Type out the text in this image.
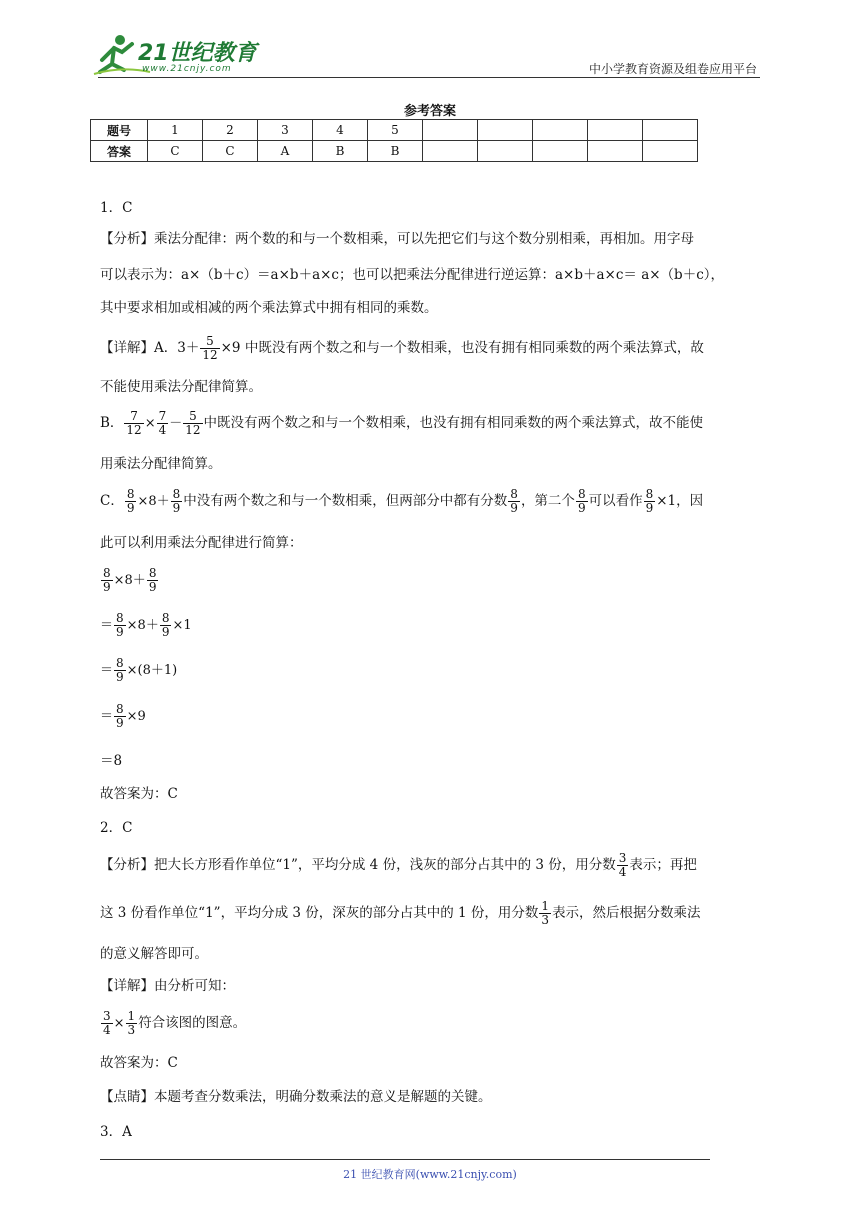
21世纪教育
www.21cnjy.com	中小学教育资源及组卷应用平台
参考答案
题号	1	2	3	4	5					
答案	C	C	A	B	B					
1．C
【分析】乘法分配律：两个数的和与一个数相乘，可以先把它们与这个数分别相乘，再相加。用字母
可以表示为：a×（b＋c）＝a×b＋a×c；也可以把乘法分配律进行逆运算：a×b＋a×c＝ a×（b＋c），
其中要求相加或相减的两个乘法算式中拥有相同的乘数。
【详解】A．$3+ \frac{5}{12} \times 9$ 中既没有两个数之和与一个数相乘，也没有拥有相同乘数的两个乘法算式，故
不能使用乘法分配律简算。
B． $\frac{7}{12} \times \frac{7}{4} - \frac{5}{12}$ 中既没有两个数之和与一个数相乘，也没有拥有相同乘数的两个乘法算式，故不能使
用乘法分配律简算。
C． $\frac{8}{9} \times 8+ \frac{8}{9}$ 中没有两个数之和与一个数相乘，但两部分中都有分数 $\frac{8}{9}$ ，第二个 $\frac{8}{9}$ 可以看作 $\frac{8}{9} \times 1$，因
此可以利用乘法分配律进行简算：
$\frac{8}{9} \times 8+ \frac{8}{9}$
＝ $\frac{8}{9} \times 8+ \frac{8}{9} \times 1$
＝ $\frac{8}{9} \times(8+1)$
＝ $\frac{8}{9} \times 9$
＝8
故答案为：C
2．C
【分析】把大长方形看作单位“1”，平均分成 4 份，浅灰的部分占其中的 3 份，用分数 $\frac{3}{4}$ 表示；再把
这 3 份看作单位“1”，平均分成 3 份，深灰的部分占其中的 1 份，用分数 $\frac{1}{3}$ 表示，然后根据分数乘法
的意义解答即可。
【详解】由分析可知：
$\frac{3}{4} \times \frac{1}{3}$ 符合该图的图意。
故答案为：C
【点睛】本题考查分数乘法，明确分数乘法的意义是解题的关键。
3．A
21 世纪教育网(www.21cnjy.com)
